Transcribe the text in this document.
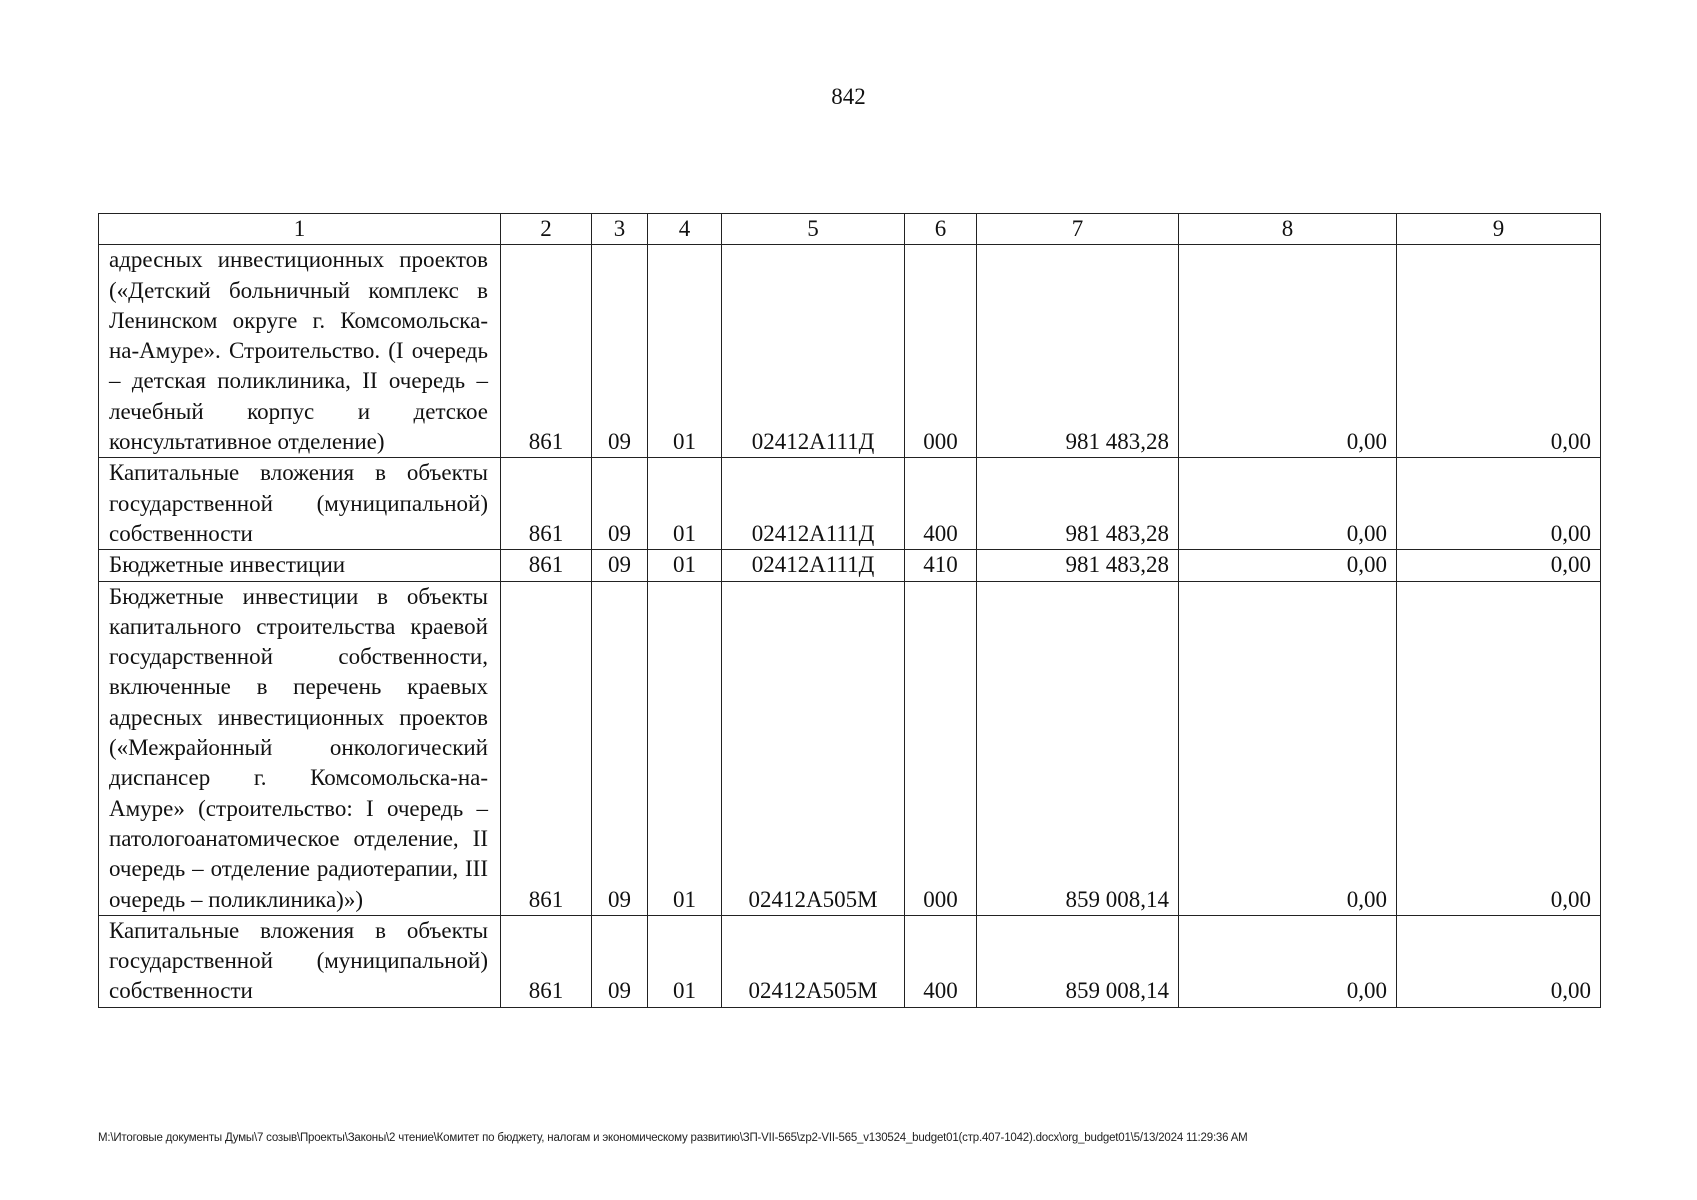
842
1	2	3	4	5	6	7	8	9
адресных инвестиционных проектов («Детский больничный комплекс в Ленинском округе г. Комсомольска-на-Амуре». Строительство. (I очередь – детская поликлиника, II очередь – лечебный корпус и детское консультативное отделение)	861	09	01	02412А111Д	000	981 483,28	0,00	0,00
Капитальные вложения в объекты государственной (муниципальной) собственности	861	09	01	02412А111Д	400	981 483,28	0,00	0,00
Бюджетные инвестиции	861	09	01	02412А111Д	410	981 483,28	0,00	0,00
Бюджетные инвестиции в объекты капитального строительства краевой государственной собственности, включенные в перечень краевых адресных инвестиционных проектов («Межрайонный онкологический диспансер г. Комсомольска-на-Амуре» (строительство: I очередь – патологоанатомическое отделение, II очередь – отделение радиотерапии, III очередь – поликлиника)»)	861	09	01	02412А505М	000	859 008,14	0,00	0,00
Капитальные вложения в объекты государственной (муниципальной) собственности	861	09	01	02412А505М	400	859 008,14	0,00	0,00
М:\Итоговые документы Думы\7 созыв\Проекты\Законы\2 чтение\Комитет по бюджету, налогам и экономическому развитию\ЗП-VII-565\zp2-VII-565_v130524_budget01(стр.407-1042).docx\org_budget01\5/13/2024 11:29:36 AM
